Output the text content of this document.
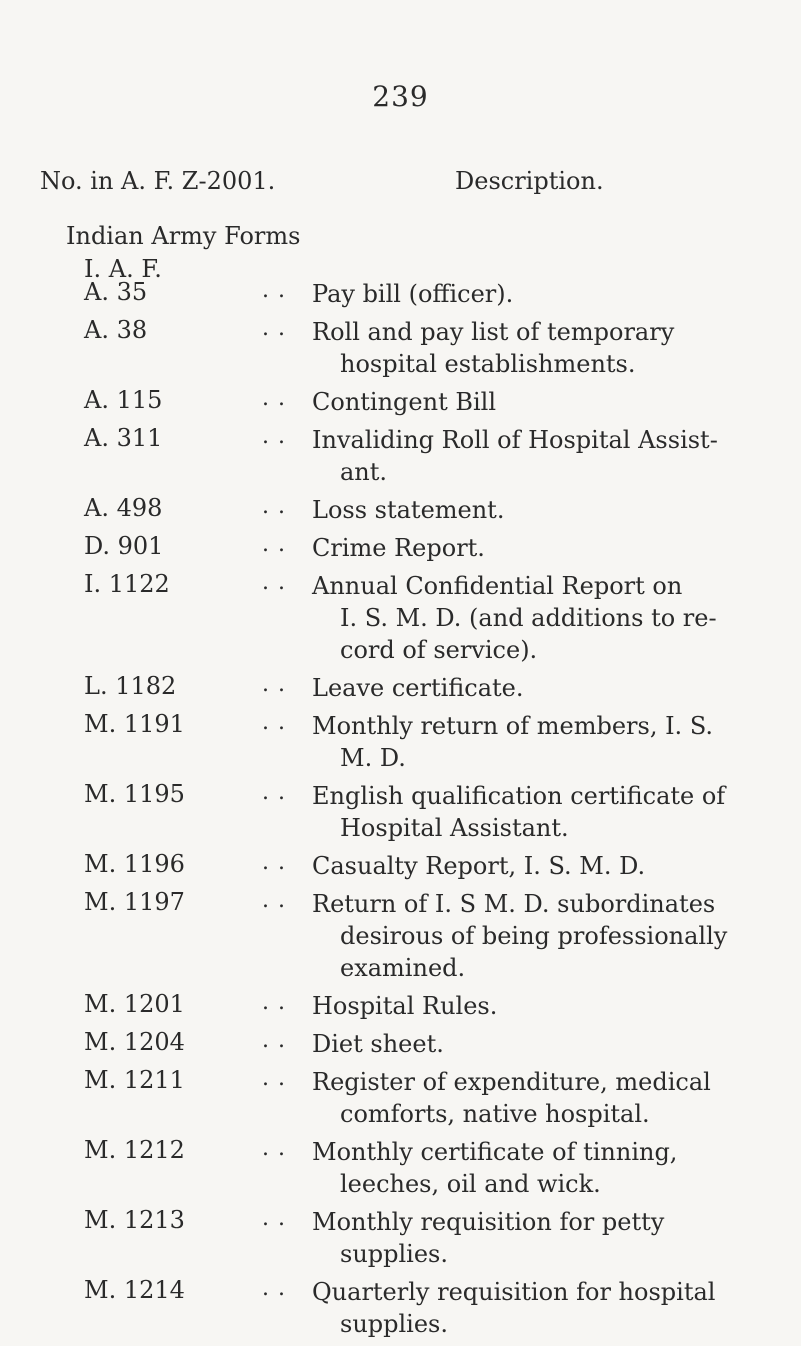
239
No. in A. F. Z-2001.	Description.
Indian Army Forms
I. A. F.
A. 35	. . Pay bill (officer).
A. 38	. . Roll and pay list of temporary
hospital establishments.
A. 115	. . Contingent Bill
A. 311	. . Invaliding Roll of Hospital Assist-
ant.
A. 498	. . Loss statement.
D. 901	. . Crime Report.
I. 1122	. . Annual Confidential Report on
I. S. M. D. (and additions to re-
cord of service).
L. 1182	. . Leave certificate.
M. 1191	. . Monthly return of members, I. S.
M. D.
M. 1195	. . English qualification certificate of
Hospital Assistant.
M. 1196	. . Casualty Report, I. S. M. D.
M. 1197	. . Return of I. S M. D. subordinates
desirous of being professionally
examined.
M. 1201	. . Hospital Rules.
M. 1204	. . Diet sheet.
M. 1211	. . Register of expenditure, medical
comforts, native hospital.
M. 1212	. . Monthly certificate of tinning,
leeches, oil and wick.
M. 1213	. . Monthly requisition for petty
supplies.
M. 1214	. . Quarterly requisition for hospital
supplies.
